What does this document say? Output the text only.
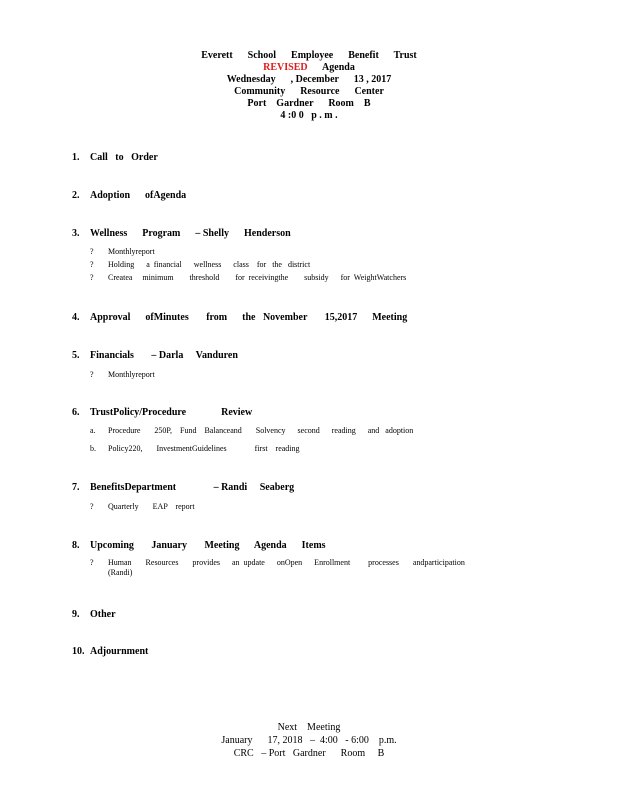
Everett      School      Employee      Benefit      Trust
REVISED      Agenda
Wednesday      , December      13 , 2017
Community      Resource      Center
Port    Gardner      Room    B
4 :0 0   p . m .
1. Call   to   Order
2. Adoption      ofAgenda
3. Wellness      Program      – Shelly      Henderson
? Monthlyreport
? Holding      a  financial      wellness      class    for   the   district
? Createa     minimum        threshold        for  receivingthe        subsidy      for  WeightWatchers
4. Approval      ofMinutes       from      the   November       15,2017      Meeting
5. Financials       – Darla     Vanduren
? Monthlyreport
6. TrustPolicy/Procedure              Review
a. Procedure       250P,    Fund    Balanceand       Solvency      second      reading      and   adoption
b. Policy220,       InvestmentGuidelines              first    reading
7. BenefitsDepartment               – Randi     Seaberg
? Quarterly       EAP    report
8. Upcoming       January       Meeting      Agenda      Items
? Human       Resources       provides      an  update      onOpen      Enrollment         processes       andparticipation
(Randi)
9. Other
10. Adjournment
Next    Meeting
January      17, 2018   –  4:00   - 6:00    p.m.
CRC   – Port   Gardner      Room     B
